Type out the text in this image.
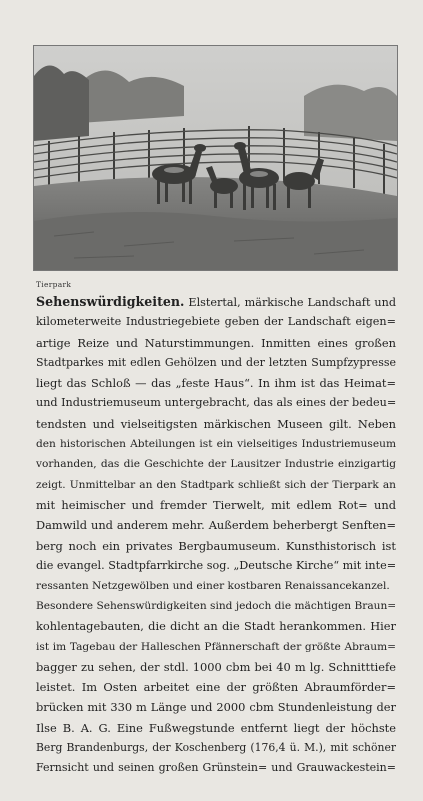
Tierpark
Sehenswürdigkeiten. Elstertal, märkische Landschaft und
kilometerweite Industriegebiete geben der Landschaft eigen=
artige Reize und Naturstimmungen. Inmitten eines großen
Stadtparkes mit edlen Gehölzen und der letzten Sumpfzypresse
liegt das Schloß — das „feste Haus“. In ihm ist das Heimat=
und Industriemuseum untergebracht, das als eines der bedeu=
tendsten und vielseitigsten märkischen Museen gilt. Neben
den historischen Abteilungen ist ein vielseitiges Industriemuseum
vorhanden, das die Geschichte der Lausitzer Industrie einzigartig
zeigt. Unmittelbar an den Stadtpark schließt sich der Tierpark an
mit heimischer und fremder Tierwelt, mit edlem Rot= und
Damwild und anderem mehr. Außerdem beherbergt Senften=
berg noch ein privates Bergbaumuseum. Kunsthistorisch ist
die evangel. Stadtpfarrkirche sog. „Deutsche Kirche“ mit inte=
ressanten Netzgewölben und einer kostbaren Renaissancekanzel.
Besondere Sehenswürdigkeiten sind jedoch die mächtigen Braun=
kohlentagebauten, die dicht an die Stadt herankommen. Hier
ist im Tagebau der Halleschen Pfännerschaft der größte Abraum=
bagger zu sehen, der stdl. 1000 cbm bei 40 m lg. Schnitttiefe
leistet. Im Osten arbeitet eine der größten Abraumförder=
brücken mit 330 m Länge und 2000 cbm Stundenleistung der
Ilse B. A. G. Eine Fußwegstunde entfernt liegt der höchste
Berg Brandenburgs, der Koschenberg (176,4 ü. M.), mit schöner
Fernsicht und seinen großen Grünstein= und Grauwackestein=
